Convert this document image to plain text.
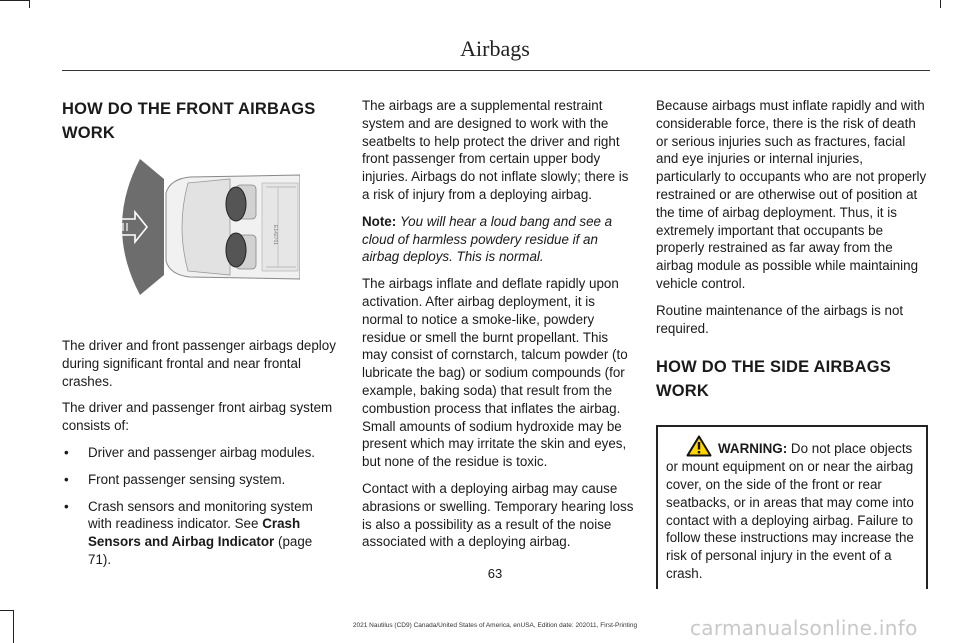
Airbags
HOW DO THE FRONT AIRBAGS WORK
E142701

The driver and front passenger airbags deploy during significant frontal and near frontal crashes.

The driver and passenger front airbag system consists of:

• Driver and passenger airbag modules.
• Front passenger sensing system.
• Crash sensors and monitoring system with readiness indicator. See Crash Sensors and Airbag Indicator (page 71).

The airbags are a supplemental restraint system and are designed to work with the seatbelts to help protect the driver and right front passenger from certain upper body injuries. Airbags do not inflate slowly; there is a risk of injury from a deploying airbag.

Note: You will hear a loud bang and see a cloud of harmless powdery residue if an airbag deploys. This is normal.

The airbags inflate and deflate rapidly upon activation. After airbag deployment, it is normal to notice a smoke-like, powdery residue or smell the burnt propellant. This may consist of cornstarch, talcum powder (to lubricate the bag) or sodium compounds (for example, baking soda) that result from the combustion process that inflates the airbag. Small amounts of sodium hydroxide may be present which may irritate the skin and eyes, but none of the residue is toxic.

Contact with a deploying airbag may cause abrasions or swelling. Temporary hearing loss is also a possibility as a result of the noise associated with a deploying airbag.

Because airbags must inflate rapidly and with considerable force, there is the risk of death or serious injuries such as fractures, facial and eye injuries or internal injuries, particularly to occupants who are not properly restrained or are otherwise out of position at the time of airbag deployment. Thus, it is extremely important that occupants be properly restrained as far away from the airbag module as possible while maintaining vehicle control.

Routine maintenance of the airbags is not required.

HOW DO THE SIDE AIRBAGS WORK

WARNING: Do not place objects or mount equipment on or near the airbag cover, on the side of the front or rear seatbacks, or in areas that may come into contact with a deploying airbag. Failure to follow these instructions may increase the risk of personal injury in the event of a crash.

63
2021 Nautilus (CD9) Canada/United States of America, enUSA, Edition date: 202011, First-Printing	carmanualsonline.info
